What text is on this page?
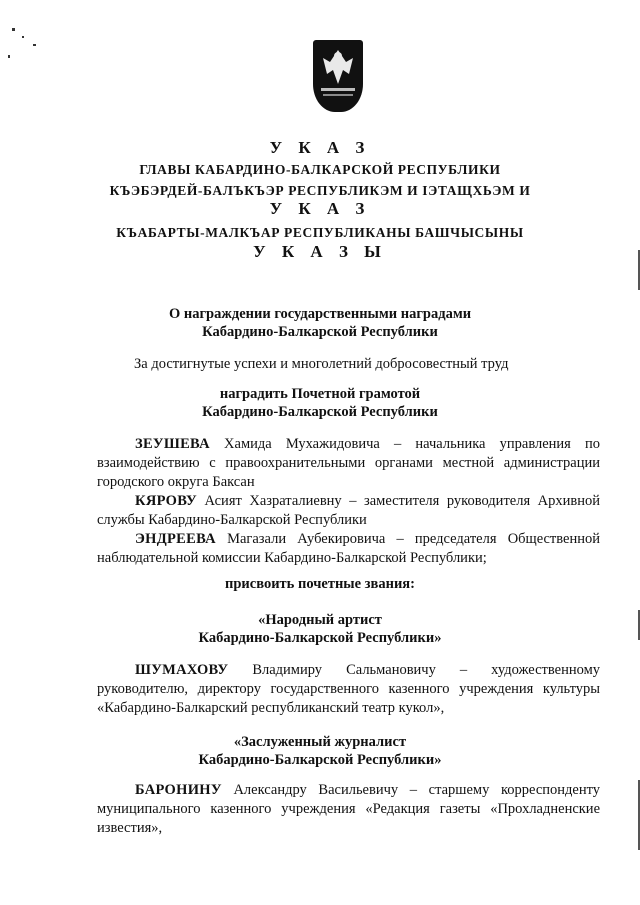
У К А З
ГЛАВЫ КАБАРДИНО-БАЛКАРСКОЙ РЕСПУБЛИКИ
КЪЭБЭРДЕЙ-БАЛЪКЪЭР РЕСПУБЛИКЭМ И IЭТАЩХЬЭМ И
У К А З
КЪАБАРТЫ-МАЛКЪАР РЕСПУБЛИКАНЫ БАШЧЫСЫНЫ
У К А З Ы
О награждении государственными наградами
Кабардино-Балкарской Республики
За достигнутые успехи и многолетний добросовестный труд
наградить Почетной грамотой
Кабардино-Балкарской Республики

ЗЕУШЕВА Хамида Мухажидовича – начальника управления по взаимодействию с правоохранительными органами местной администрации городского округа Баксан

КЯРОВУ Асият Хазраталиевну – заместителя руководителя Архивной службы Кабардино-Балкарской Республики

ЭНДРЕЕВА Магазали Аубекировича – председателя Общественной наблюдательной комиссии Кабардино-Балкарской Республики;

присвоить почетные звания:
«Народный артист
Кабардино-Балкарской Республики»

ШУМАХОВУ Владимиру Сальмановичу – художественному руководителю, директору государственного казенного учреждения культуры «Кабардино-Балкарский республиканский театр кукол»,

«Заслуженный журналист
Кабардино-Балкарской Республики»

БАРОНИНУ Александру Васильевичу – старшему корреспонденту муниципального казенного учреждения «Редакция газеты «Прохладненские известия»,
